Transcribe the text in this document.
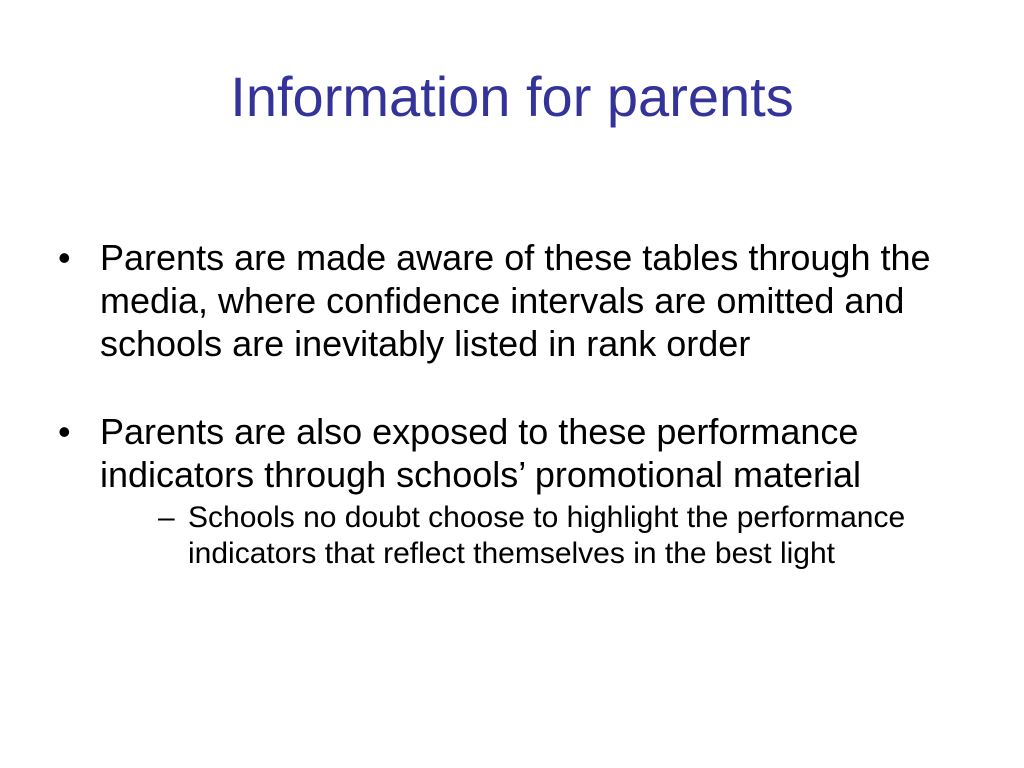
Information for parents
• Parents are made aware of these tables through the media, where confidence intervals are omitted and schools are inevitably listed in rank order
• Parents are also exposed to these performance indicators through schools’ promotional material
– Schools no doubt choose to highlight the performance indicators that reflect themselves in the best light
